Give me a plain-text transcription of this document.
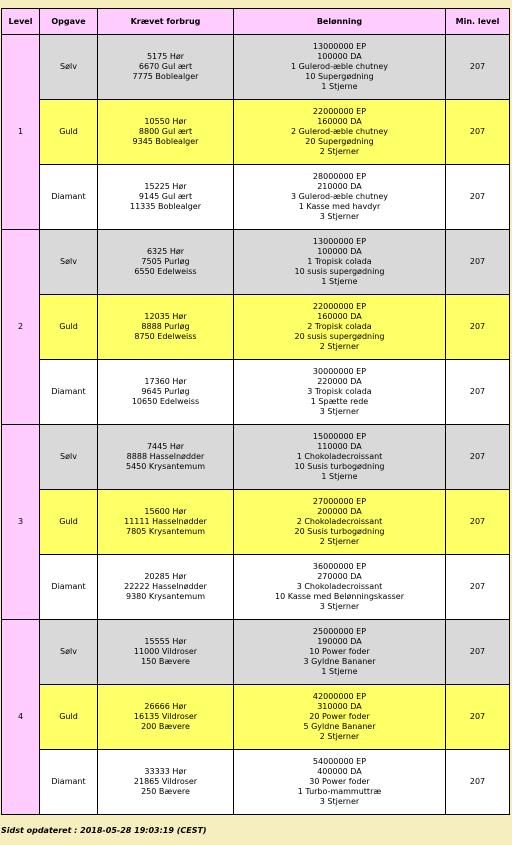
Level	Opgave	Krævet forbrug	Belønning	Min. level
1	Sølv	5175 Hør
6670 Gul ært
7775 Boblealger	13000000 EP
100000 DA
1 Gulerod-æble chutney
10 Supergødning
1 Stjerne	207
	Guld	10550 Hør
8800 Gul ært
9345 Boblealger	22000000 EP
160000 DA
2 Gulerod-æble chutney
20 Supergødning
2 Stjerner	207
	Diamant	15225 Hør
9145 Gul ært
11335 Boblealger	28000000 EP
210000 DA
3 Gulerod-æble chutney
1 Kasse med havdyr
3 Stjerner	207
2	Sølv	6325 Hør
7505 Purløg
6550 Edelweiss	13000000 EP
100000 DA
1 Tropisk colada
10 susis supergødning
1 Stjerne	207
	Guld	12035 Hør
8888 Purløg
8750 Edelweiss	22000000 EP
160000 DA
2 Tropisk colada
20 susis supergødning
2 Stjerner	207
	Diamant	17360 Hør
9645 Purløg
10650 Edelweiss	30000000 EP
220000 DA
3 Tropisk colada
1 Spætte rede
3 Stjerner	207
3	Sølv	7445 Hør
8888 Hasselnødder
5450 Krysantemum	15000000 EP
110000 DA
1 Chokoladecroissant
10 Susis turbogødning
1 Stjerne	207
	Guld	15600 Hør
11111 Hasselnødder
7805 Krysantemum	27000000 EP
200000 DA
2 Chokoladecroissant
20 Susis turbogødning
2 Stjerner	207
	Diamant	20285 Hør
22222 Hasselnødder
9380 Krysantemum	36000000 EP
270000 DA
3 Chokoladecroissant
10 Kasse med Belønningskasser
3 Stjerner	207
4	Sølv	15555 Hør
11000 Vildroser
150 Bævere	25000000 EP
190000 DA
10 Power foder
3 Gyldne Bananer
1 Stjerne	207
	Guld	26666 Hør
16135 Vildroser
200 Bævere	42000000 EP
310000 DA
20 Power foder
5 Gyldne Bananer
2 Stjerner	207
	Diamant	33333 Hør
21865 Vildroser
250 Bævere	54000000 EP
400000 DA
30 Power foder
1 Turbo-mammuttræ
3 Stjerner	207
Sidst opdateret : 2018-05-28 19:03:19 (CEST)
